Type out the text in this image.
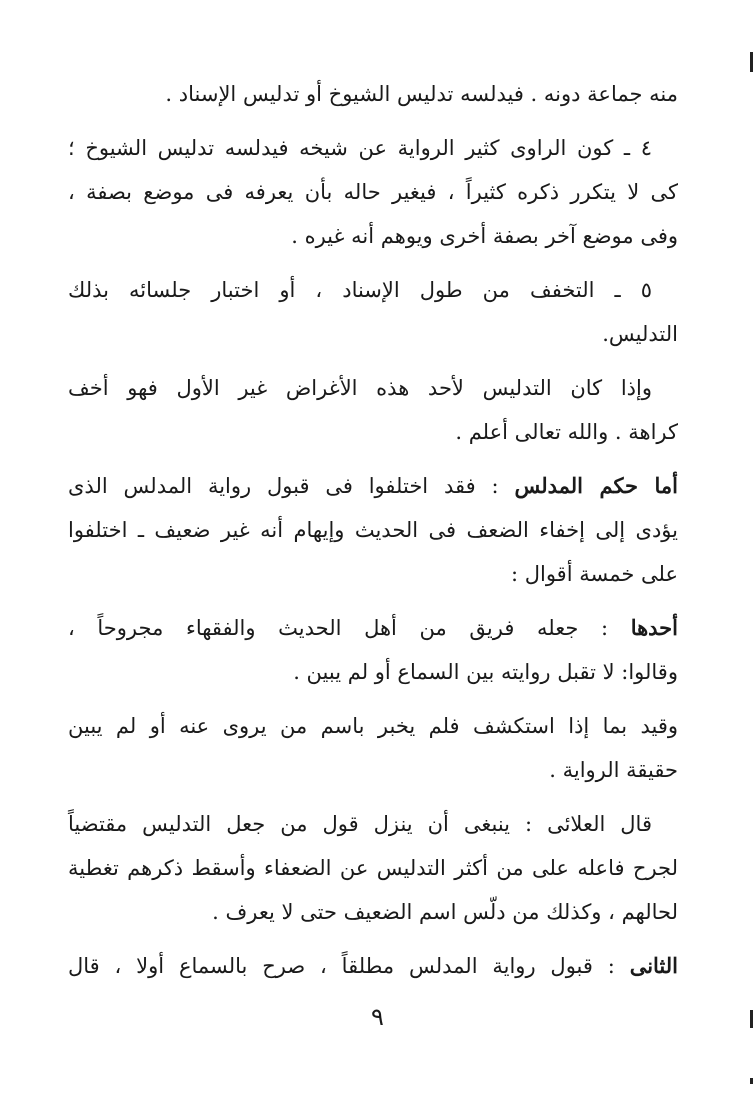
منه جماعة دونه . فيدلسه تدليس الشيوخ أو تدليس الإسناد .

٤ ـ كون الراوى كثير الرواية عن شيخه فيدلسه تدليس الشيوخ ؛
كى لا يتكرر ذكره كثيراً ، فيغير حاله بأن يعرفه فى موضع بصفة ،
وفى موضع آخر بصفة أخرى ويوهم أنه غيره .

٥ ـ التخفف من طول الإسناد ، أو اختبار جلسائه بذلك
التدليس.

وإذا كان التدليس لأحد هذه الأغراض غير الأول فهو أخف
كراهة . والله تعالى أعلم .

أما حكم المدلس : فقد اختلفوا فى قبول رواية المدلس الذى
يؤدى إلى إخفاء الضعف فى الحديث وإيهام أنه غير ضعيف ـ اختلفوا
على خمسة أقوال :

أحدها : جعله فريق من أهل الحديث والفقهاء مجروحاً ،
وقالوا: لا تقبل روايته بين السماع أو لم يبين .

وقيد بما إذا استكشف فلم يخبر باسم من يروى عنه أو لم يبين
حقيقة الرواية .

قال العلائى : ينبغى أن ينزل قول من جعل التدليس مقتضياً
لجرح فاعله على من أكثر التدليس عن الضعفاء وأسقط ذكرهم تغطية
لحالهم ، وكذلك من دلّس اسم الضعيف حتى لا يعرف .

الثانى : قبول رواية المدلس مطلقاً ، صرح بالسماع أولا ، قال

٩
